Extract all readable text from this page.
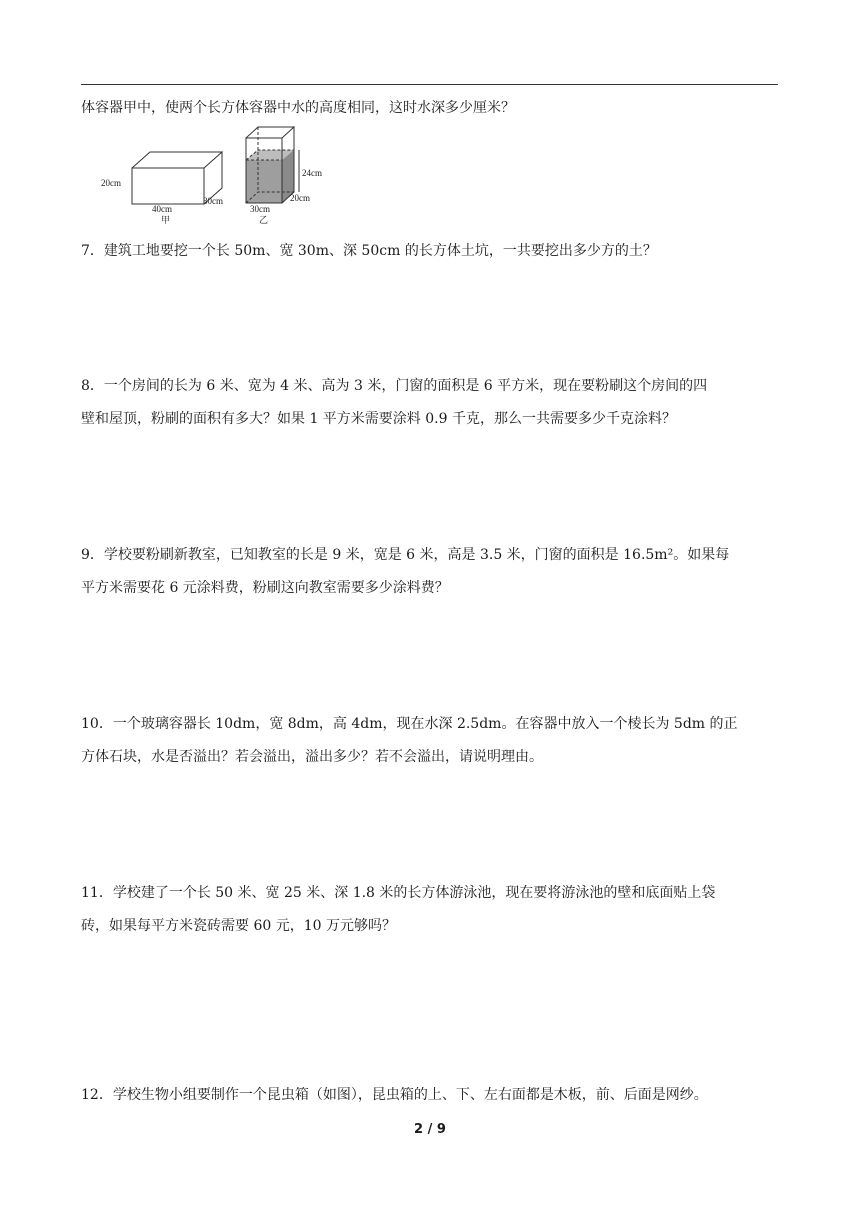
体容器甲中，使两个长方体容器中水的高度相同，这时水深多少厘米？
20cm
40cm
30cm
甲
24cm
20cm
30cm
乙
7．建筑工地要挖一个长 50m、宽 30m、深 50cm 的长方体土坑，一共要挖出多少方的土？
8．一个房间的长为 6 米、宽为 4 米、高为 3 米，门窗的面积是 6 平方米，现在要粉刷这个房间的四
壁和屋顶，粉刷的面积有多大？如果 1 平方米需要涂料 0.9 千克，那么一共需要多少千克涂料？
9．学校要粉刷新教室，已知教室的长是 9 米，宽是 6 米，高是 3.5 米，门窗的面积是 16.5m²。如果每
平方米需要花 6 元涂料费，粉刷这向教室需要多少涂料费？
10．一个玻璃容器长 10dm，宽 8dm，高 4dm，现在水深 2.5dm。在容器中放入一个棱长为 5dm 的正
方体石块，水是否溢出？若会溢出，溢出多少？若不会溢出，请说明理由。
11．学校建了一个长 50 米、宽 25 米、深 1.8 米的长方体游泳池，现在要将游泳池的壁和底面贴上袋
砖，如果每平方米瓷砖需要 60 元，10 万元够吗？
12．学校生物小组要制作一个昆虫箱（如图），昆虫箱的上、下、左右面都是木板，前、后面是网纱。
2 / 9
